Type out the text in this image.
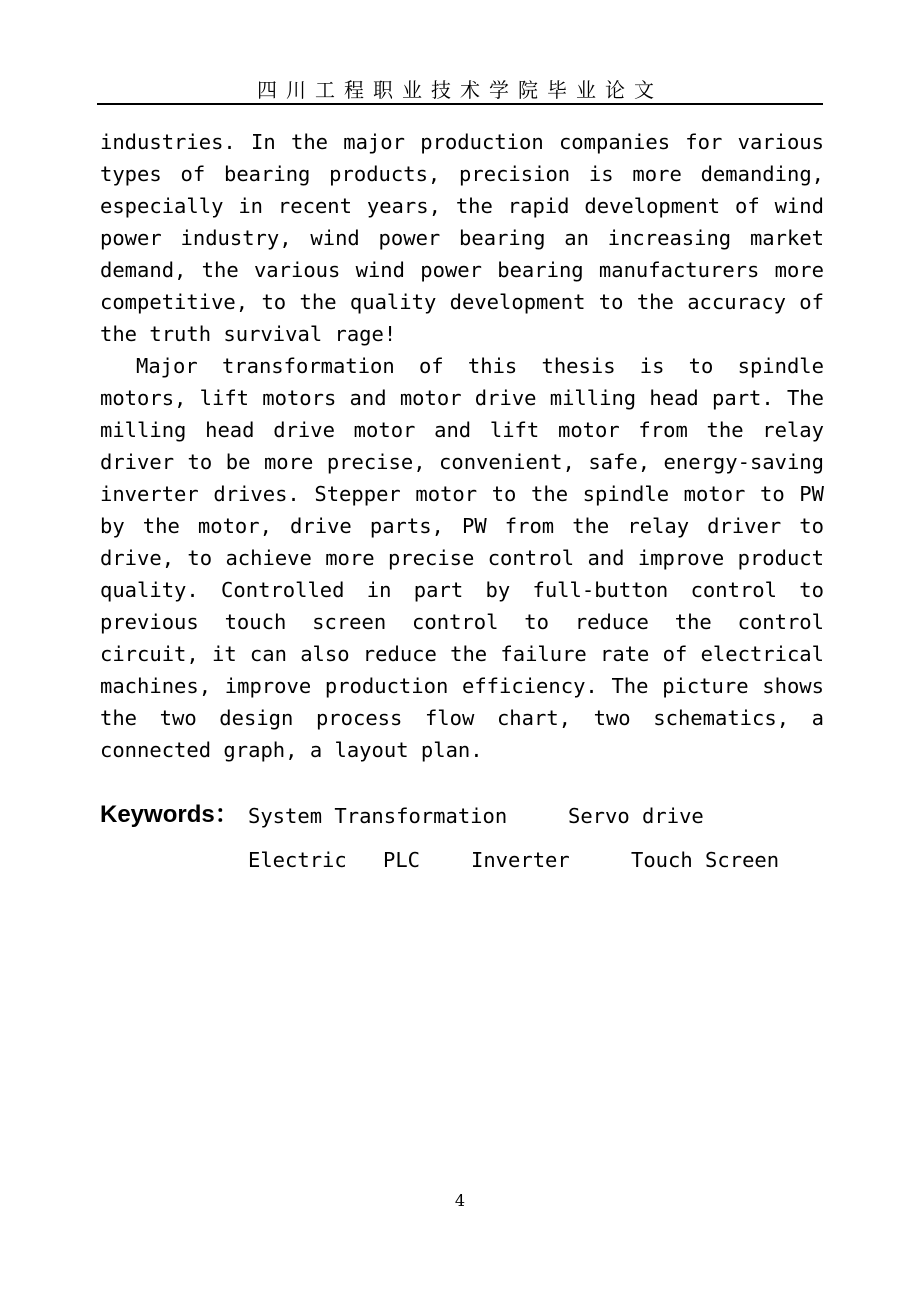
四川工程职业技术学院毕业论文

industries. In the major production companies for various types of bearing products, precision is more demanding, especially in recent years, the rapid development of wind power industry, wind power bearing an increasing market demand, the various wind power bearing manufacturers more competitive, to the quality development to the accuracy of the truth survival rage!

Major transformation of this thesis is to spindle motors, lift motors and motor drive milling head part. The milling head drive motor and lift motor from the relay driver to be more precise, convenient, safe, energy-saving inverter drives. Stepper motor to the spindle motor to PW by the motor, drive parts, PW from the relay driver to drive, to achieve more precise control and improve product quality. Controlled in part by full-button control to previous touch screen control to reduce the control circuit, it can also reduce the failure rate of electrical machines, improve production efficiency. The picture shows the two design process flow chart, two schematics, a connected graph, a layout plan.

Keywords： System Transformation	Servo drive
Electric PLC Inverter	Touch Screen
4
